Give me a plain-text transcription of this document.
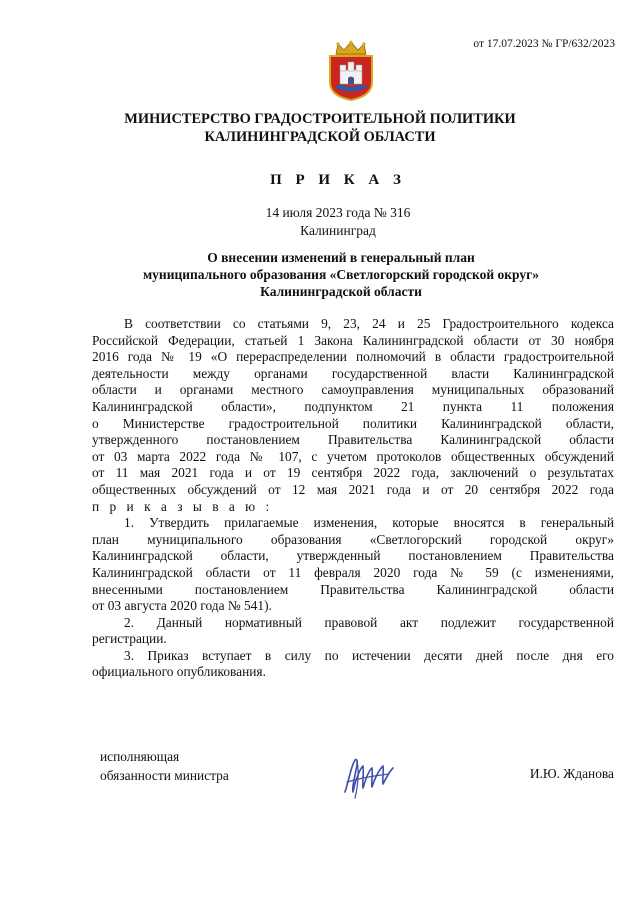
от 17.07.2023 № ГР/632/2023
А
МИНИСТЕРСТВО ГРАДОСТРОИТЕЛЬНОЙ ПОЛИТИКИ
КАЛИНИНГРАДСКОЙ ОБЛАСТИ
П Р И К А З
14 июля 2023 года № 316
Калининград
О внесении изменений в генеральный план
муниципального образования «Светлогорский городской округ»
Калининградской области
В соответствии со статьями 9, 23, 24 и 25 Градостроительного кодекса
Российской Федерации, статьей 1 Закона Калининградской области от 30 ноября
2016 года № 19 «О перераспределении полномочий в области градостроительной
деятельности между органами государственной власти Калининградской
области и органами местного самоуправления муниципальных образований
Калининградской области», подпунктом 21 пункта 11 положения
о Министерстве градостроительной политики Калининградской области,
утвержденного постановлением Правительства Калининградской области
от 03 марта 2022 года № 107, с учетом протоколов общественных обсуждений
от 11 мая 2021 года и от 19 сентября 2022 года, заключений о результатах
общественных обсуждений от 12 мая 2021 года и от 20 сентября 2022 года
п р и к а з ы в а ю :
1. Утвердить прилагаемые изменения, которые вносятся в генеральный
план муниципального образования «Светлогорский городской округ»
Калининградской области, утвержденный постановлением Правительства
Калининградской области от 11 февраля 2020 года № 59 (с изменениями,
внесенными постановлением Правительства Калининградской области
от 03 августа 2020 года № 541).
2. Данный нормативный правовой акт подлежит государственной
регистрации.
3. Приказ вступает в силу по истечении десяти дней после дня его
официального опубликования.
исполняющая
обязанности министра	И.Ю. Жданова
